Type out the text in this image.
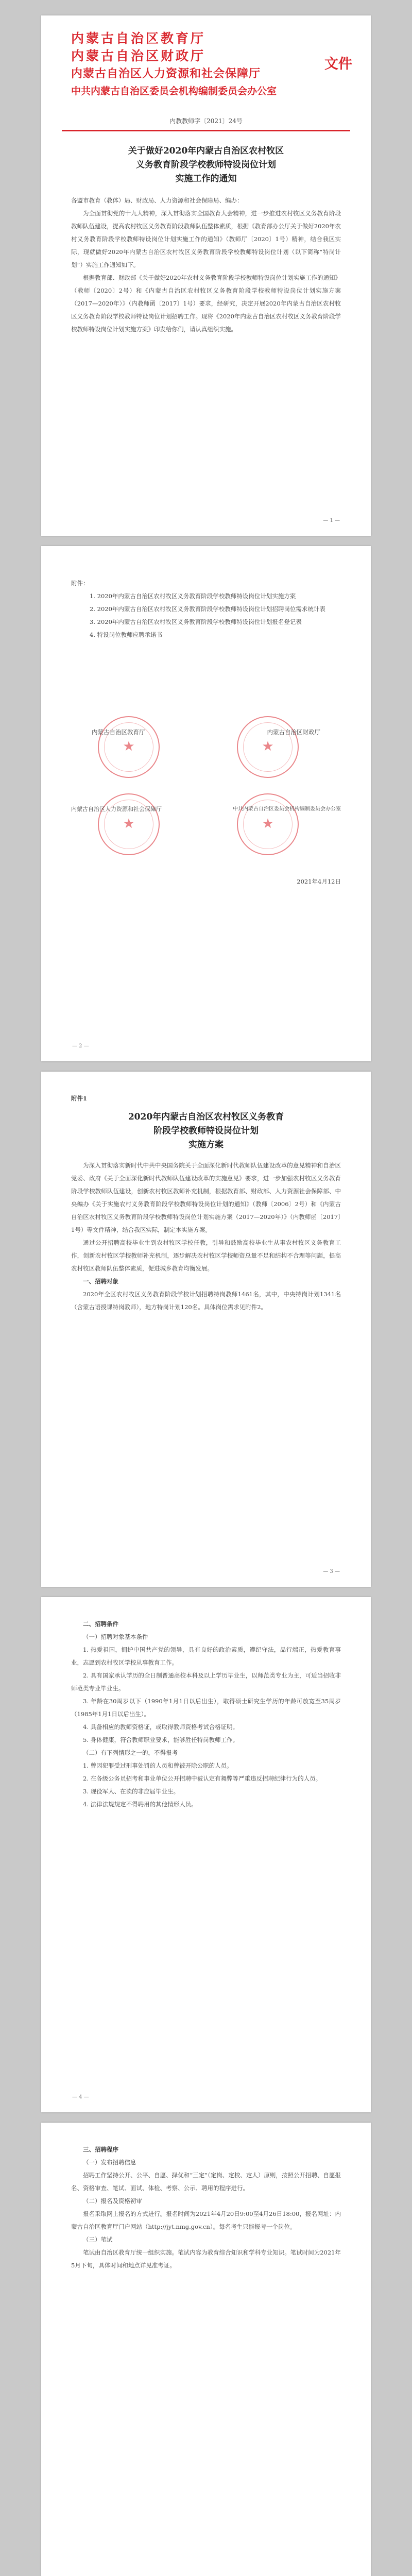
内蒙古自治区教育厅
内蒙古自治区财政厅
内蒙古自治区人力资源和社会保障厅
中共内蒙古自治区委员会机构编制委员会办公室
文件
内教教师字〔2021〕24号
关于做好2020年内蒙古自治区农村牧区
义务教育阶段学校教师特设岗位计划
实施工作的通知

各盟市教育（教体）局、财政局、人力资源和社会保障局、编办：

为全面贯彻党的十九大精神，深入贯彻落实全国教育大会精神，进一步推进农村牧区义务教育阶段教师队伍建设，提高农村牧区义务教育阶段教师队伍整体素质，根据《教育部办公厅关于做好2020年农村义务教育阶段学校教师特设岗位计划实施工作的通知》（教师厅〔2020〕1号）精神，结合我区实际，现就做好2020年内蒙古自治区农村牧区义务教育阶段学校教师特设岗位计划（以下简称“特岗计划”）实施工作通知如下。

根据教育部、财政部《关于做好2020年农村义务教育阶段学校教师特设岗位计划实施工作的通知》（教师〔2020〕2号）和《内蒙古自治区农村牧区义务教育阶段学校教师特设岗位计划实施方案（2017—2020年）》（内教师函〔2017〕1号）要求，经研究，决定开展2020年内蒙古自治区农村牧区义务教育阶段学校教师特设岗位计划招聘工作。现将《2020年内蒙古自治区农村牧区义务教育阶段学校教师特设岗位计划实施方案》印发给你们，请认真组织实施。

— 1 —

附件：

1. 2020年内蒙古自治区农村牧区义务教育阶段学校教师特设岗位计划实施方案

2. 2020年内蒙古自治区农村牧区义务教育阶段学校教师特设岗位计划招聘岗位需求统计表

3. 2020年内蒙古自治区农村牧区义务教育阶段学校教师特设岗位计划报名登记表

4. 特设岗位教师应聘承诺书

★	★
★	★
内蒙古自治区教育厅	内蒙古自治区财政厅
内蒙古自治区人力资源和社会保障厅	中共内蒙古自治区委员会机构编制委员会办公室
2021年4月12日
— 2 —

附件1

2020年内蒙古自治区农村牧区义务教育
阶段学校教师特设岗位计划
实施方案

为深入贯彻落实新时代中共中央国务院关于全面深化新时代教师队伍建设改革的意见精神和自治区党委、政府《关于全面深化新时代教师队伍建设改革的实施意见》要求，进一步加强农村牧区义务教育阶段学校教师队伍建设，创新农村牧区教师补充机制，根据教育部、财政部、人力资源社会保障部、中央编办《关于实施农村义务教育阶段学校教师特设岗位计划的通知》（教师〔2006〕2号）和《内蒙古自治区农村牧区义务教育阶段学校教师特设岗位计划实施方案（2017—2020年）》（内教师函〔2017〕1号）等文件精神，结合我区实际，制定本实施方案。

通过公开招聘高校毕业生到农村牧区学校任教，引导和鼓励高校毕业生从事农村牧区义务教育工作，创新农村牧区学校教师补充机制，逐步解决农村牧区学校师资总量不足和结构不合理等问题，提高农村牧区教师队伍整体素质，促进城乡教育均衡发展。

一、招聘对象

2020年全区农村牧区义务教育阶段学校计划招聘特岗教师1461名，其中，中央特岗计划1341名（含蒙古语授课特岗教师），地方特岗计划120名。具体岗位需求见附件2。

— 3 —

二、招聘条件

（一）招聘对象基本条件

1. 热爱祖国，拥护中国共产党的领导，具有良好的政治素质，遵纪守法，品行端正，热爱教育事业，志愿到农村牧区学校从事教育工作。

2. 具有国家承认学历的全日制普通高校本科及以上学历毕业生，以师范类专业为主，可适当招收非师范类专业毕业生。

3. 年龄在30周岁以下（1990年1月1日以后出生），取得硕士研究生学历的年龄可放宽至35周岁（1985年1月1日以后出生）。

4. 具备相应的教师资格证，或取得教师资格考试合格证明。

5. 身体健康，符合教师职业要求，能够胜任特岗教师工作。

（二）有下列情形之一的，不得报考

1. 曾因犯罪受过刑事处罚的人员和曾被开除公职的人员。

2. 在各级公务员招考和事业单位公开招聘中被认定有舞弊等严重违反招聘纪律行为的人员。

3. 现役军人、在读的非应届毕业生。

4. 法律法规规定不得聘用的其他情形人员。

— 4 —

三、招聘程序

（一）发布招聘信息

招聘工作坚持公开、公平、自愿、择优和“三定”（定岗、定校、定人）原则，按照公开招聘、自愿报名、资格审查、笔试、面试、体检、考察、公示、聘用的程序进行。

（二）报名及资格初审

报名采取网上报名的方式进行。报名时间为2021年4月20日9:00至4月26日18:00，报名网址：内蒙古自治区教育厅门户网站（http://jyt.nmg.gov.cn）。每名考生只能报考一个岗位。

（三）笔试

笔试由自治区教育厅统一组织实施。笔试内容为教育综合知识和学科专业知识。笔试时间为2021年5月下旬，具体时间和地点详见准考证。
